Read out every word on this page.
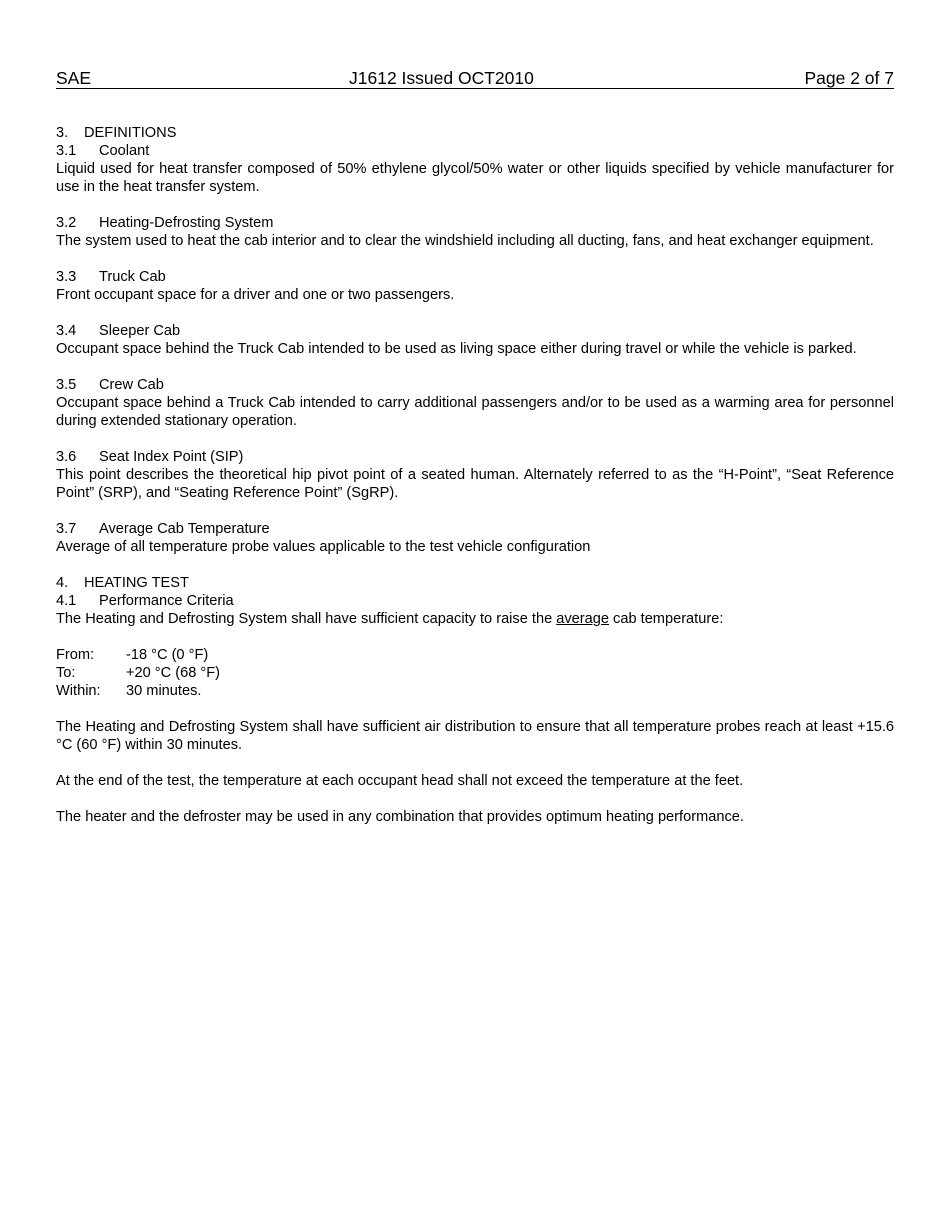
SAE	J1612 Issued OCT2010	Page 2 of 7

3. DEFINITIONS

3.1 Coolant

Liquid used for heat transfer composed of 50% ethylene glycol/50% water or other liquids specified by vehicle manufacturer for use in the heat transfer system.

3.2 Heating-Defrosting System

The system used to heat the cab interior and to clear the windshield including all ducting, fans, and heat exchanger equipment.

3.3 Truck Cab

Front occupant space for a driver and one or two passengers.

3.4 Sleeper Cab

Occupant space behind the Truck Cab intended to be used as living space either during travel or while the vehicle is parked.

3.5 Crew Cab

Occupant space behind a Truck Cab intended to carry additional passengers and/or to be used as a warming area for personnel during extended stationary operation.

3.6 Seat Index Point (SIP)

This point describes the theoretical hip pivot point of a seated human. Alternately referred to as the “H-Point”, “Seat Reference Point” (SRP), and “Seating Reference Point” (SgRP).

3.7 Average Cab Temperature

Average of all temperature probe values applicable to the test vehicle configuration

4. HEATING TEST

4.1 Performance Criteria

The Heating and Defrosting System shall have sufficient capacity to raise the average cab temperature:

From:	-18 °C (0 °F)
To:	+20 °C (68 °F)
Within:	30 minutes.

The Heating and Defrosting System shall have sufficient air distribution to ensure that all temperature probes reach at least +15.6 °C (60 °F) within 30 minutes.

At the end of the test, the temperature at each occupant head shall not exceed the temperature at the feet.

The heater and the defroster may be used in any combination that provides optimum heating performance.
